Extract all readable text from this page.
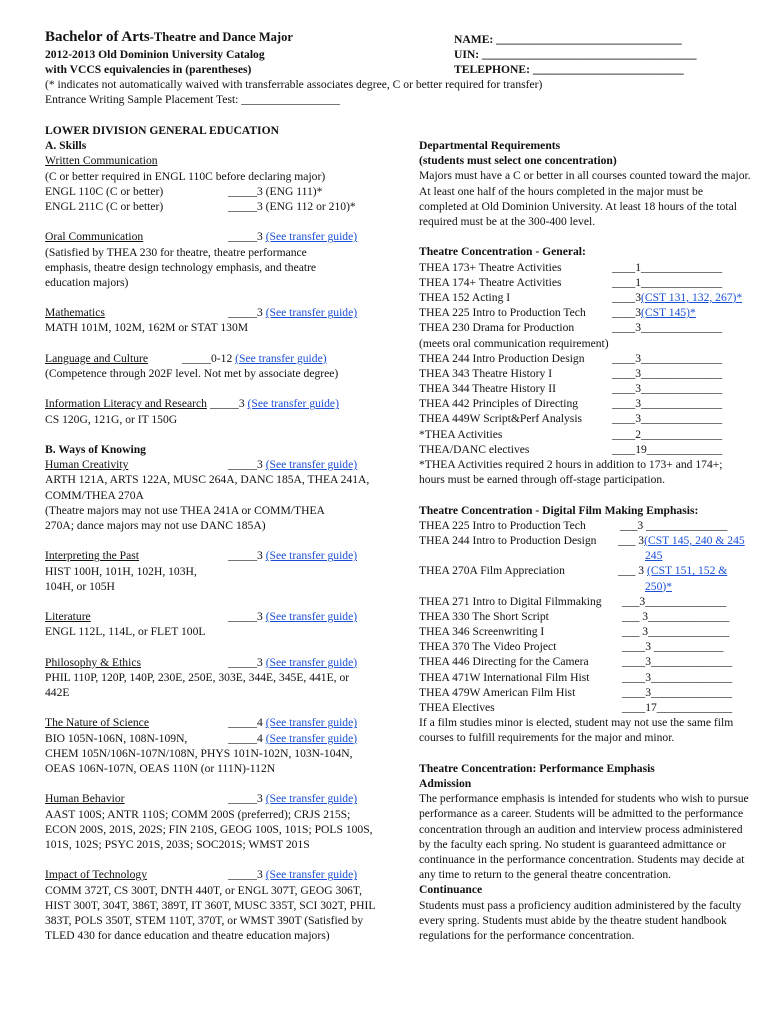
Bachelor of Arts-Theatre and Dance Major
2012-2013 Old Dominion University Catalog
with VCCS equivalencies in (parentheses)
(* indicates not automatically waived with transferrable associates degree, C or better required for transfer)
Entrance Writing Sample Placement Test: _________________
NAME: ________________________________
UIN: _____________________________________
TELEPHONE: __________________________
LOWER DIVISION GENERAL EDUCATION
A. Skills
Written Communication
(C or better required in ENGL 110C before declaring major)
ENGL 110C (C or better)	_____3 (ENG 111)*
ENGL 211C (C or better)	_____3 (ENG 112 or 210)*
Oral Communication	_____3 (See transfer guide)
(Satisfied by THEA 230 for theatre, theatre performance emphasis, theatre design technology emphasis, and theatre education majors)
Mathematics	_____3 (See transfer guide)
MATH 101M, 102M, 162M or STAT 130M
Language and Culture	_____0-12 (See transfer guide)
(Competence through 202F level. Not met by associate degree)
Information Literacy and Research _____3 (See transfer guide)
CS 120G, 121G, or IT 150G
B. Ways of Knowing
Human Creativity	_____3 (See transfer guide)
ARTH 121A, ARTS 122A, MUSC 264A, DANC 185A, THEA 241A, COMM/THEA 270A
(Theatre majors may not use THEA 241A or COMM/THEA 270A; dance majors may not use DANC 185A)
Interpreting the Past	_____3 (See transfer guide)
HIST 100H, 101H, 102H, 103H, 104H, or 105H
Literature	_____3 (See transfer guide)
ENGL 112L, 114L, or FLET 100L
Philosophy & Ethics	_____3 (See transfer guide)
PHIL 110P, 120P, 140P, 230E, 250E, 303E, 344E, 345E, 441E, or 442E
The Nature of Science	_____4 (See transfer guide)
BIO 105N-106N, 108N-109N,	_____4 (See transfer guide)
CHEM 105N/106N-107N/108N, PHYS 101N-102N, 103N-104N, OEAS 106N-107N, OEAS 110N (or 111N)-112N
Human Behavior	_____3 (See transfer guide)
AAST 100S; ANTR 110S; COMM 200S (preferred); CRJS 215S; ECON 200S, 201S, 202S; FIN 210S, GEOG 100S, 101S; POLS 100S, 101S, 102S; PSYC 201S, 203S; SOC201S; WMST 201S
Impact of Technology	_____3 (See transfer guide)
COMM 372T, CS 300T, DNTH 440T, or ENGL 307T, GEOG 306T, HIST 300T, 304T, 386T, 389T, IT 360T, MUSC 335T, SCI 302T, PHIL 383T, POLS 350T, STEM 110T, 370T, or WMST 390T (Satisfied by TLED 430 for dance education and theatre education majors)
Departmental Requirements
(students must select one concentration)
Majors must have a C or better in all courses counted toward the major. At least one half of the hours completed in the major must be completed at Old Dominion University. At least 18 hours of the total required must be at the 300-400 level.
Theatre Concentration - General:
THEA 173+ Theatre Activities	____1______________
THEA 174+ Theatre Activities	____1______________
THEA 152 Acting I	____3(CST 131, 132, 267)*
THEA 225 Intro to Production Tech ____3(CST 145)*
THEA 230 Drama for Production	____3______________
(meets oral communication requirement)
THEA 244 Intro Production Design ____3______________
THEA 343 Theatre History I	____3______________
THEA 344 Theatre History II	____3______________
THEA 442 Principles of Directing	____3______________
THEA 449W Script&Perf Analysis	____3______________
*THEA Activities	____2______________
THEA/DANC electives	____19_____________
*THEA Activities required 2 hours in addition to 173+ and 174+; hours must be earned through off-stage participation.
Theatre Concentration - Digital Film Making Emphasis:
THEA 225 Intro to Production Tech	___3 ______________
THEA 244 Intro to Production Design ___ 3(CST 145, 240 & 245
245
THEA 270A Film Appreciation	___ 3 (CST 151, 152 &
250)*
THEA 271 Intro to Digital Filmmaking ___3______________
THEA 330 The Short Script	___ 3______________
THEA 346 Screenwriting I	___ 3______________
THEA 370 The Video Project	____3 ____________
THEA 446 Directing for the Camera	____3______________
THEA 471W International Film Hist	____3______________
THEA 479W American Film Hist	____3______________
THEA Electives	____17_____________
If a film studies minor is elected, student may not use the same film courses to fulfill requirements for the major and minor.
Theatre Concentration: Performance Emphasis
Admission
The performance emphasis is intended for students who wish to pursue performance as a career. Students will be admitted to the performance concentration through an audition and interview process administered by the faculty each spring. No student is guaranteed admittance or continuance in the performance concentration. Students may decide at any time to return to the general theatre concentration.
Continuance
Students must pass a proficiency audition administered by the faculty every spring. Students must abide by the theatre student handbook regulations for the performance concentration.
